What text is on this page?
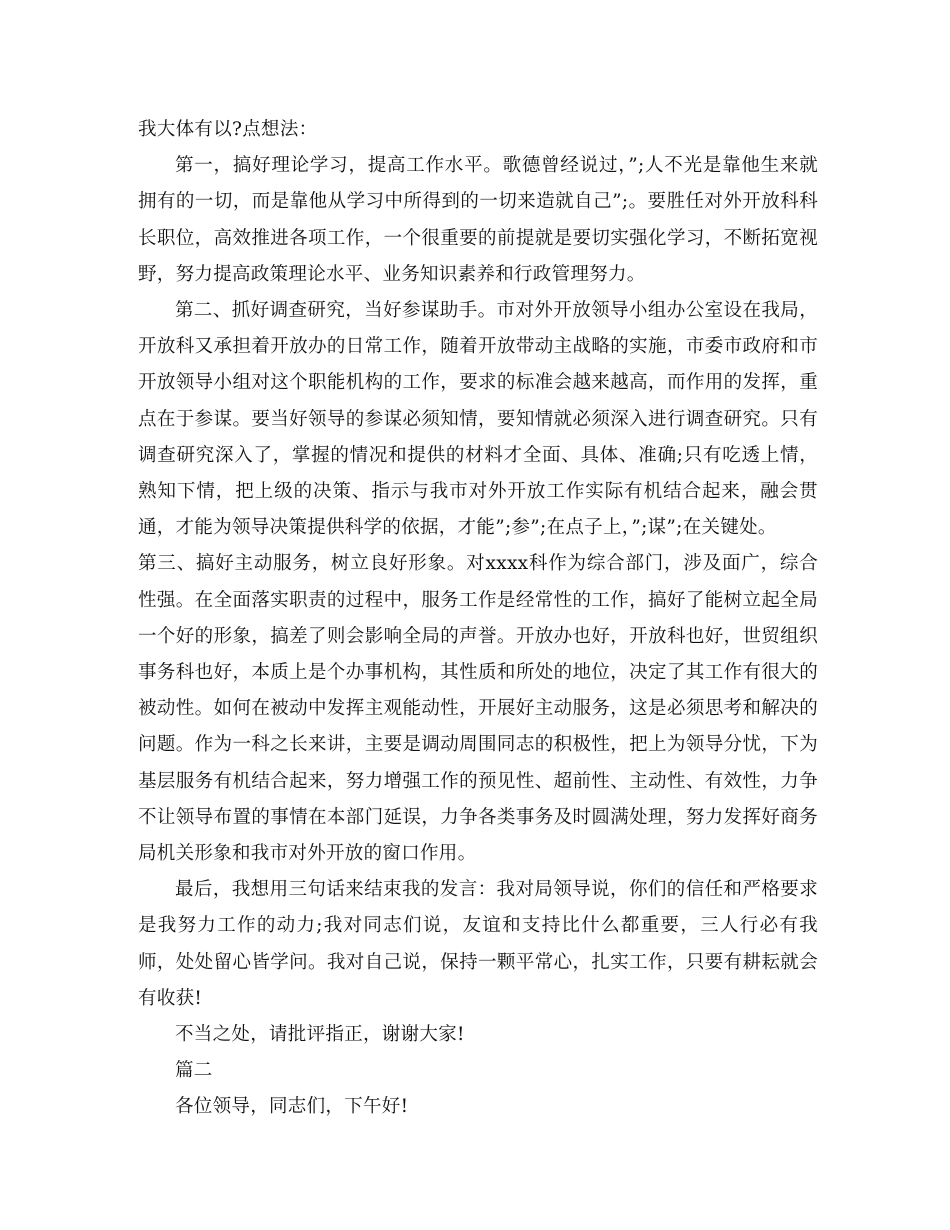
我大体有以?点想法：

第一，搞好理论学习，提高工作水平。歌德曾经说过，”;人不光是靠他生来就拥有的一切，而是靠他从学习中所得到的一切来造就自己”;。要胜任对外开放科科长职位，高效推进各项工作，一个很重要的前提就是要切实强化学习，不断拓宽视野，努力提高政策理论水平、业务知识素养和行政管理努力。

第二、抓好调查研究，当好参谋助手。市对外开放领导小组办公室设在我局，开放科又承担着开放办的日常工作，随着开放带动主战略的实施，市委市政府和市开放领导小组对这个职能机构的工作，要求的标准会越来越高，而作用的发挥，重点在于参谋。要当好领导的参谋必须知情，要知情就必须深入进行调查研究。只有调查研究深入了，掌握的情况和提供的材料才全面、具体、准确;只有吃透上情，熟知下情，把上级的决策、指示与我市对外开放工作实际有机结合起来，融会贯通，才能为领导决策提供科学的依据，才能”;参”;在点子上，”;谋”;在关键处。

第三、搞好主动服务，树立良好形象。对xxxx科作为综合部门，涉及面广，综合性强。在全面落实职责的过程中，服务工作是经常性的工作，搞好了能树立起全局一个好的形象，搞差了则会影响全局的声誉。开放办也好，开放科也好，世贸组织事务科也好，本质上是个办事机构，其性质和所处的地位，决定了其工作有很大的被动性。如何在被动中发挥主观能动性，开展好主动服务，这是必须思考和解决的问题。作为一科之长来讲，主要是调动周围同志的积极性，把上为领导分忧，下为基层服务有机结合起来，努力增强工作的预见性、超前性、主动性、有效性，力争不让领导布置的事情在本部门延误，力争各类事务及时圆满处理，努力发挥好商务局机关形象和我市对外开放的窗口作用。

最后，我想用三句话来结束我的发言：我对局领导说，你们的信任和严格要求是我努力工作的动力;我对同志们说，友谊和支持比什么都重要，三人行必有我师，处处留心皆学问。我对自己说，保持一颗平常心，扎实工作，只要有耕耘就会有收获!

不当之处，请批评指正，谢谢大家!

篇二

各位领导，同志们，下午好!
